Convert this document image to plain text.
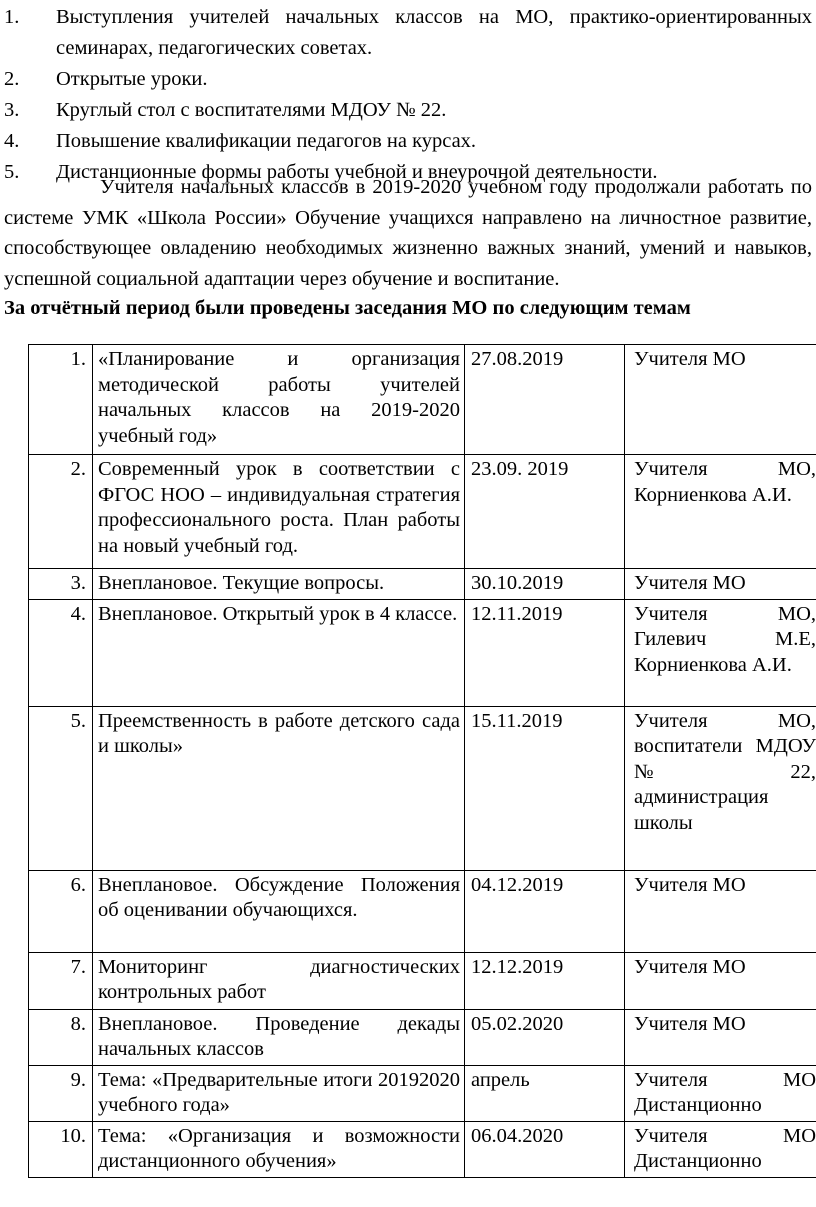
1. Выступления учителей начальных классов на МО, практико-ориентированных семинарах, педагогических советах.
2. Открытые уроки.
3. Круглый стол с воспитателями МДОУ № 22.
4. Повышение квалификации педагогов на курсах.
5. Дистанционные формы работы учебной и внеурочной деятельности.
Учителя начальных классов в 2019-2020 учебном году продолжали работать по системе УМК «Школа России» Обучение учащихся направлено на личностное развитие, способствующее овладению необходимых жизненно важных знаний, умений и навыков, успешной социальной адаптации через обучение и воспитание.
За отчётный период были проведены заседания МО по следующим темам
1.	«Планирование и организация методической работы учителей начальных классов на 2019-2020 учебный год»	27.08.2019	Учителя МО
2.	Современный урок в соответствии с ФГОС НОО – индивидуальная стратегия профессионального роста. План работы на новый учебный год.	23.09. 2019	Учителя МО, Корниенкова А.И.
3.	Внеплановое. Текущие вопросы.	30.10.2019	Учителя МО
4.	Внеплановое. Открытый урок в 4 классе.	12.11.2019	Учителя МО, Гилевич М.Е, Корниенкова А.И.
5.	Преемственность в работе детского сада и школы»	15.11.2019	Учителя МО, воспитатели МДОУ № 22, администрация школы
6.	Внеплановое. Обсуждение Положения об оценивании обучающихся.	04.12.2019	Учителя МО
7.	Мониторинг диагностических контрольных работ	12.12.2019	Учителя МО
8.	Внеплановое. Проведение декады начальных классов	05.02.2020	Учителя МО
9.	Тема: «Предварительные итоги 20192020 учебного года»	апрель	Учителя МО Дистанционно
10.	Тема: «Организация и возможности дистанционного обучения»	06.04.2020	Учителя МО Дистанционно
